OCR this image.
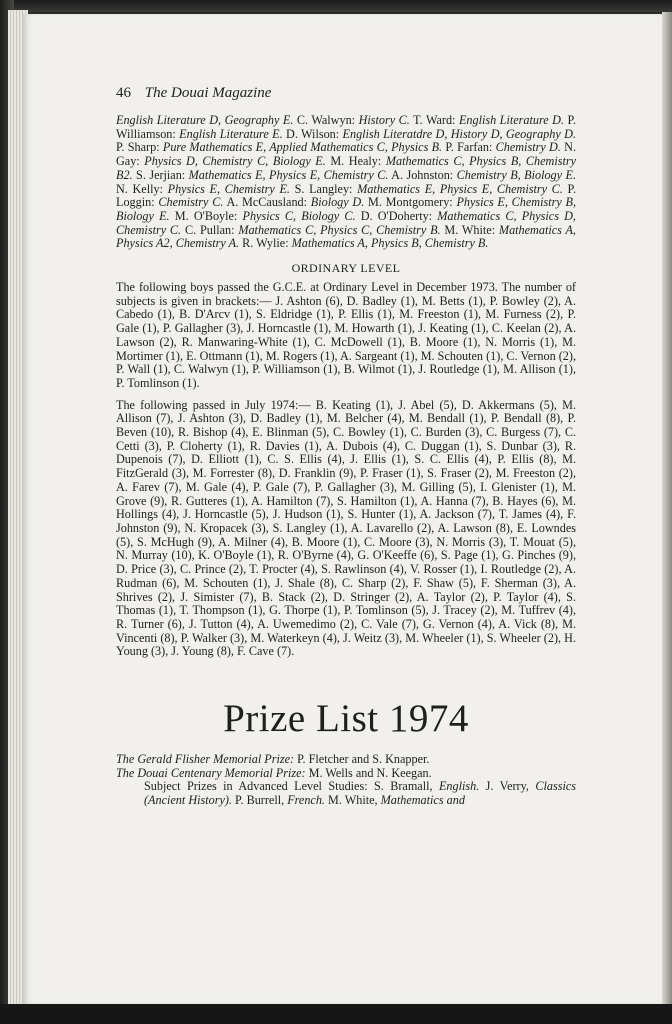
46 The Douai Magazine

English Literature D, Geography E. C. Walwyn: History C. T. Ward: English Literature D. P. Williamson: English Literature E. D. Wilson: English Literatdre D, History D, Geography D. P. Sharp: Pure Mathematics E, Applied Mathematics C, Physics B. P. Farfan: Chemistry D. N. Gay: Physics D, Chemistry C, Biology E. M. Healy: Mathematics C, Physics B, Chemistry B2. S. Jerjian: Mathematics E, Physics E, Chemistry C. A. Johnston: Chemistry B, Biology E. N. Kelly: Physics E, Chemistry E. S. Langley: Mathematics E, Physics E, Chemistry C. P. Loggin: Chemistry C. A. McCausland: Biology D. M. Montgomery: Physics E, Chemistry B, Biology E. M. O'Boyle: Physics C, Biology C. D. O'Doherty: Mathematics C, Physics D, Chemistry C. C. Pullan: Mathematics C, Physics C, Chemistry B. M. White: Mathematics A, Physics A2, Chemistry A. R. Wylie: Mathematics A, Physics B, Chemistry B.

ORDINARY LEVEL

The following boys passed the G.C.E. at Ordinary Level in December 1973. The number of subjects is given in brackets:— J. Ashton (6), D. Badley (1), M. Betts (1), P. Bowley (2), A. Cabedo (1), B. D'Arcv (1), S. Eldridge (1), P. Ellis (1), M. Freeston (1), M. Furness (2), P. Gale (1), P. Gallagher (3), J. Horncastle (1), M. Howarth (1), J. Keating (1), C. Keelan (2), A. Lawson (2), R. Manwaring-White (1), C. McDowell (1), B. Moore (1), N. Morris (1), M. Mortimer (1), E. Ottmann (1), M. Rogers (1), A. Sargeant (1), M. Schouten (1), C. Vernon (2), P. Wall (1), C. Walwyn (1), P. Williamson (1), B. Wilmot (1), J. Routledge (1), M. Allison (1), P. Tomlinson (1).

The following passed in July 1974:— B. Keating (1), J. Abel (5), D. Akkermans (5), M. Allison (7), J. Ashton (3), D. Badley (1), M. Belcher (4), M. Bendall (1), P. Bendall (8), P. Beven (10), R. Bishop (4), E. Blinman (5), C. Bowley (1), C. Burden (3), C. Burgess (7), C. Cetti (3), P. Cloherty (1), R. Davies (1), A. Dubois (4), C. Duggan (1), S. Dunbar (3), R. Dupenois (7), D. Elliott (1), C. S. Ellis (4), J. Ellis (1), S. C. Ellis (4), P. Ellis (8), M. FitzGerald (3), M. Forrester (8), D. Franklin (9), P. Fraser (1), S. Fraser (2), M. Freeston (2), A. Farev (7), M. Gale (4), P. Gale (7), P. Gallagher (3), M. Gilling (5), I. Glenister (1), M. Grove (9), R. Gutteres (1), A. Hamilton (7), S. Hamilton (1), A. Hanna (7), B. Hayes (6), M. Hollings (4), J. Horncastle (5), J. Hudson (1), S. Hunter (1), A. Jackson (7), T. James (4), F. Johnston (9), N. Kropacek (3), S. Langley (1), A. Lavarello (2), A. Lawson (8), E. Lowndes (5), S. McHugh (9), A. Milner (4), B. Moore (1), C. Moore (3), N. Morris (3), T. Mouat (5), N. Murray (10), K. O'Boyle (1), R. O'Byrne (4), G. O'Keeffe (6), S. Page (1), G. Pinches (9), D. Price (3), C. Prince (2), T. Procter (4), S. Rawlinson (4), V. Rosser (1), I. Routledge (2), A. Rudman (6), M. Schouten (1), J. Shale (8), C. Sharp (2), F. Shaw (5), F. Sherman (3), A. Shrives (2), J. Simister (7), B. Stack (2), D. Stringer (2), A. Taylor (2), P. Taylor (4), S. Thomas (1), T. Thompson (1), G. Thorpe (1), P. Tomlinson (5), J. Tracey (2), M. Tuffrev (4), R. Turner (6), J. Tutton (4), A. Uwemedimo (2), C. Vale (7), G. Vernon (4), A. Vick (8), M. Vincenti (8), P. Walker (3), M. Waterkeyn (4), J. Weitz (3), M. Wheeler (1), S. Wheeler (2), H. Young (3), J. Young (8), F. Cave (7).

Prize List 1974

The Gerald Flisher Memorial Prize: P. Fletcher and S. Knapper.

The Douai Centenary Memorial Prize: M. Wells and N. Keegan.

Subject Prizes in Advanced Level Studies: S. Bramall, English. J. Verry, Classics (Ancient History). P. Burrell, French. M. White, Mathematics and
